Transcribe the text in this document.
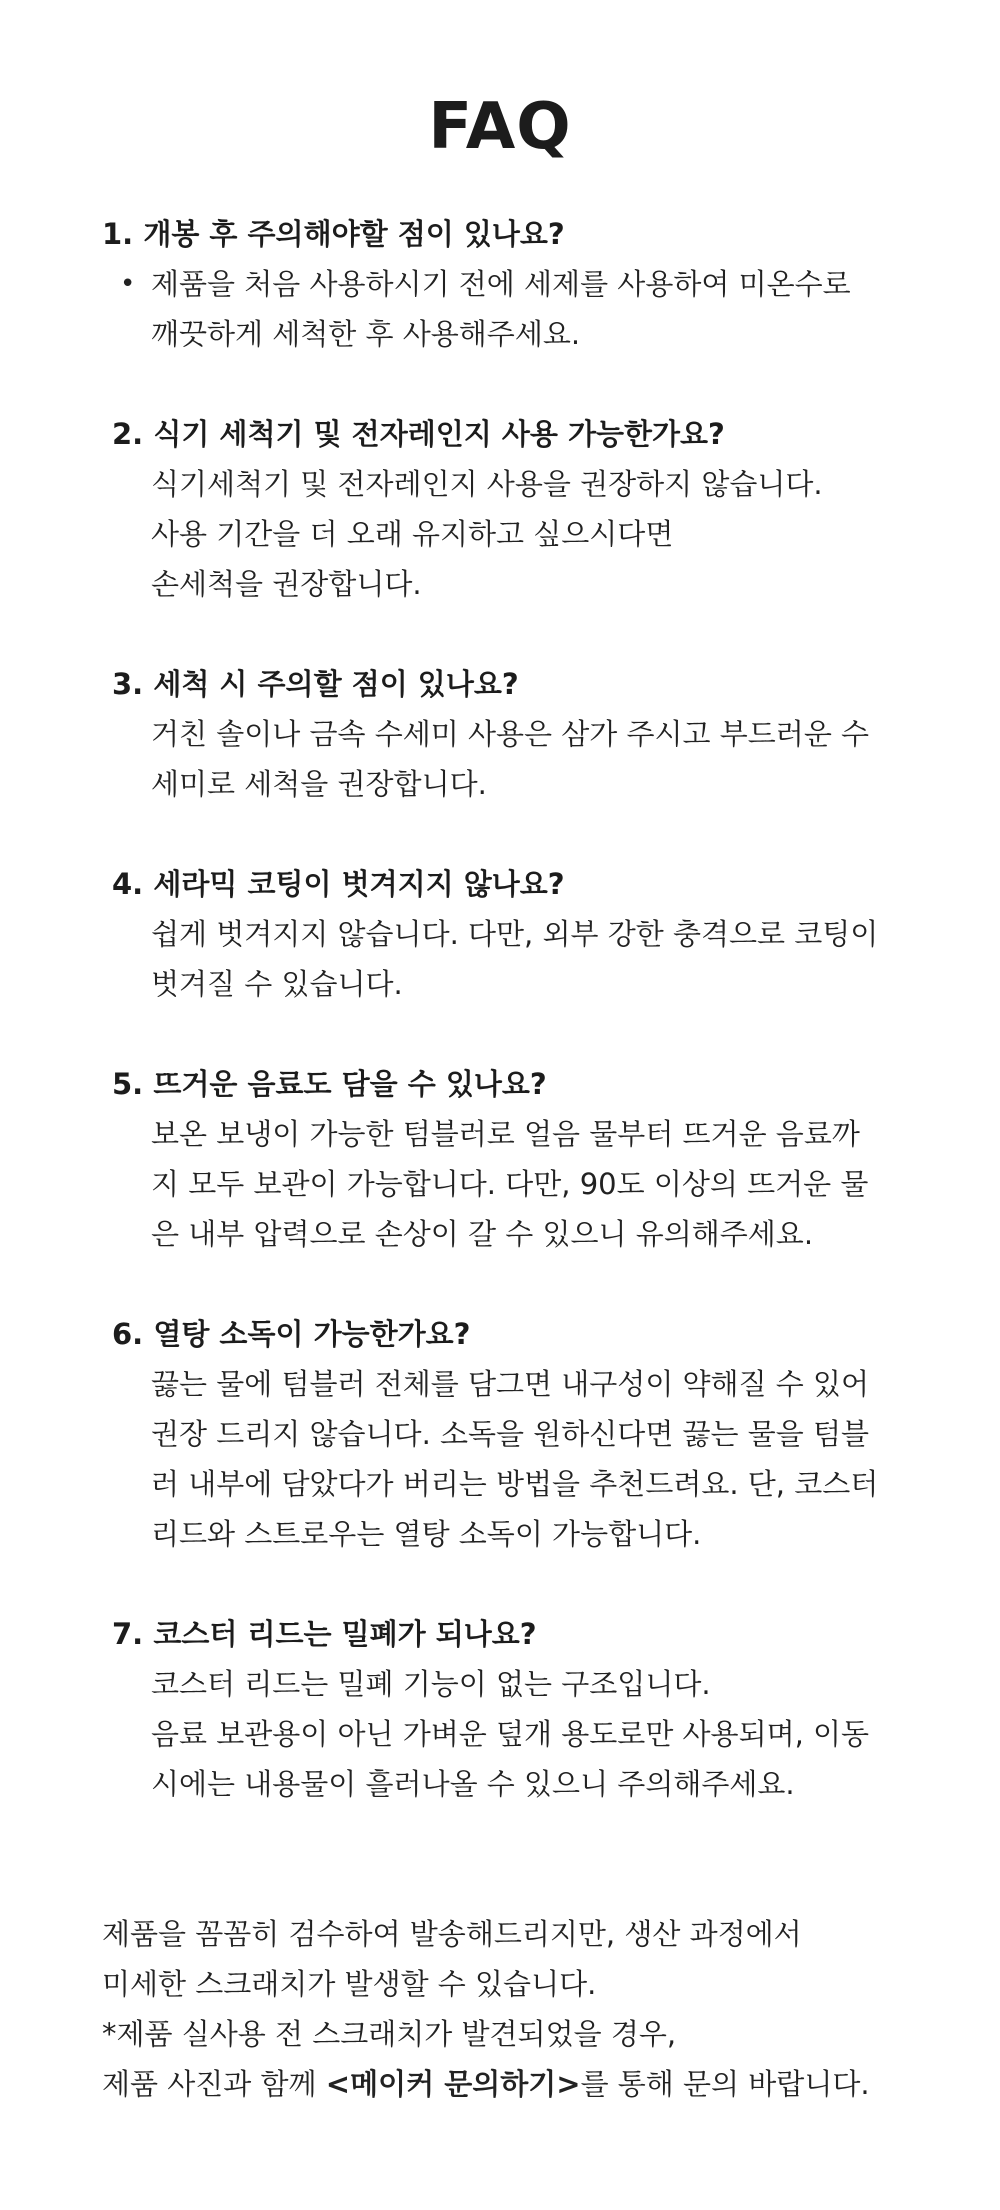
FAQ
1. 개봉 후 주의해야할 점이 있나요?
• 제품을 처음 사용하시기 전에 세제를 사용하여 미온수로
깨끗하게 세척한 후 사용해주세요.
2. 식기 세척기 및 전자레인지 사용 가능한가요?
식기세척기 및 전자레인지 사용을 권장하지 않습니다.
사용 기간을 더 오래 유지하고 싶으시다면
손세척을 권장합니다.
3. 세척 시 주의할 점이 있나요?
거친 솔이나 금속 수세미 사용은 삼가 주시고 부드러운 수
세미로 세척을 권장합니다.
4. 세라믹 코팅이 벗겨지지 않나요?
쉽게 벗겨지지 않습니다. 다만, 외부 강한 충격으로 코팅이
벗겨질 수 있습니다.
5. 뜨거운 음료도 담을 수 있나요?
보온 보냉이 가능한 텀블러로 얼음 물부터 뜨거운 음료까
지 모두 보관이 가능합니다. 다만, 90도 이상의 뜨거운 물
은 내부 압력으로 손상이 갈 수 있으니 유의해주세요.
6. 열탕 소독이 가능한가요?
끓는 물에 텀블러 전체를 담그면 내구성이 약해질 수 있어
권장 드리지 않습니다. 소독을 원하신다면 끓는 물을 텀블
러 내부에 담았다가 버리는 방법을 추천드려요. 단, 코스터
리드와 스트로우는 열탕 소독이 가능합니다.
7. 코스터 리드는 밀폐가 되나요?
코스터 리드는 밀폐 기능이 없는 구조입니다.
음료 보관용이 아닌 가벼운 덮개 용도로만 사용되며, 이동
시에는 내용물이 흘러나올 수 있으니 주의해주세요.
제품을 꼼꼼히 검수하여 발송해드리지만, 생산 과정에서
미세한 스크래치가 발생할 수 있습니다.
*제품 실사용 전 스크래치가 발견되었을 경우,
제품 사진과 함께 <메이커 문의하기>를 통해 문의 바랍니다.
